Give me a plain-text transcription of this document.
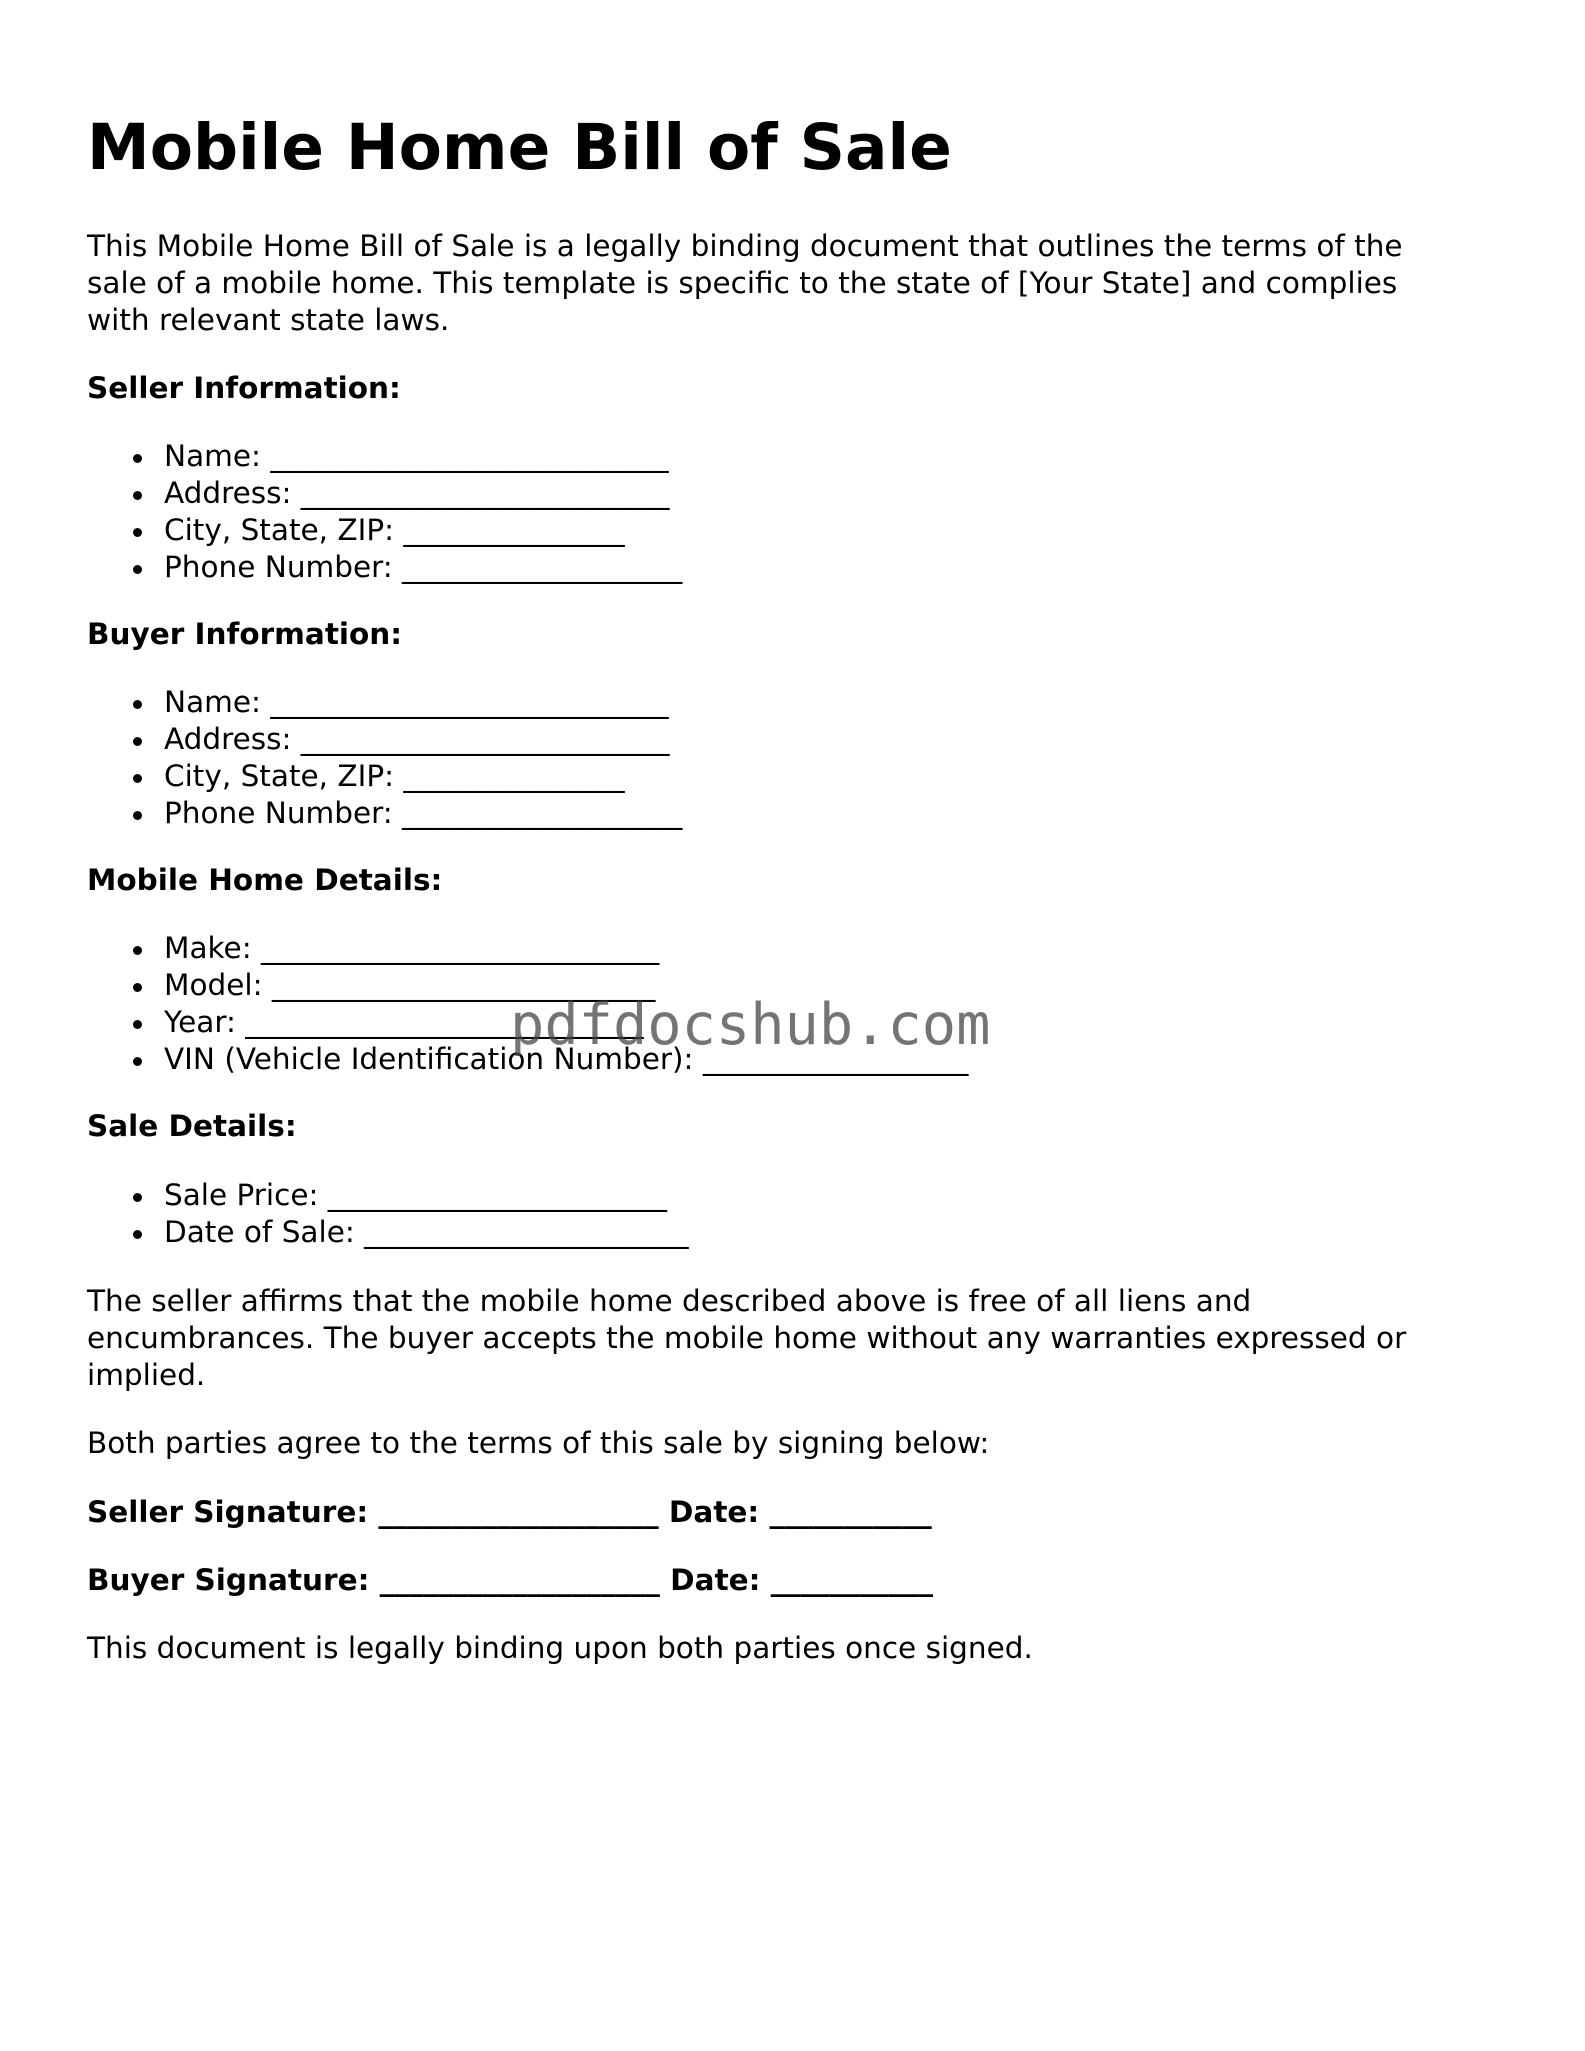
Mobile Home Bill of Sale

This Mobile Home Bill of Sale is a legally binding document that outlines the terms of the

sale of a mobile home. This template is specific to the state of [Your State] and complies

with relevant state laws.

Seller Information:

Name: ___________________________
Address: _________________________
City, State, ZIP: _______________
Phone Number: ___________________

Buyer Information:

Name: ___________________________
Address: _________________________
City, State, ZIP: _______________
Phone Number: ___________________

Mobile Home Details:

Make: ___________________________
Model: __________________________
Year: ___________________________
VIN (Vehicle Identification Number): __________________

Sale Details:

Sale Price: _______________________
Date of Sale: ______________________

The seller affirms that the mobile home described above is free of all liens and

encumbrances. The buyer accepts the mobile home without any warranties expressed or

implied.

Both parties agree to the terms of this sale by signing below:

Seller Signature: ___________________ Date: ___________

Buyer Signature: ___________________ Date: ___________

This document is legally binding upon both parties once signed.

pdfdocshub.com
